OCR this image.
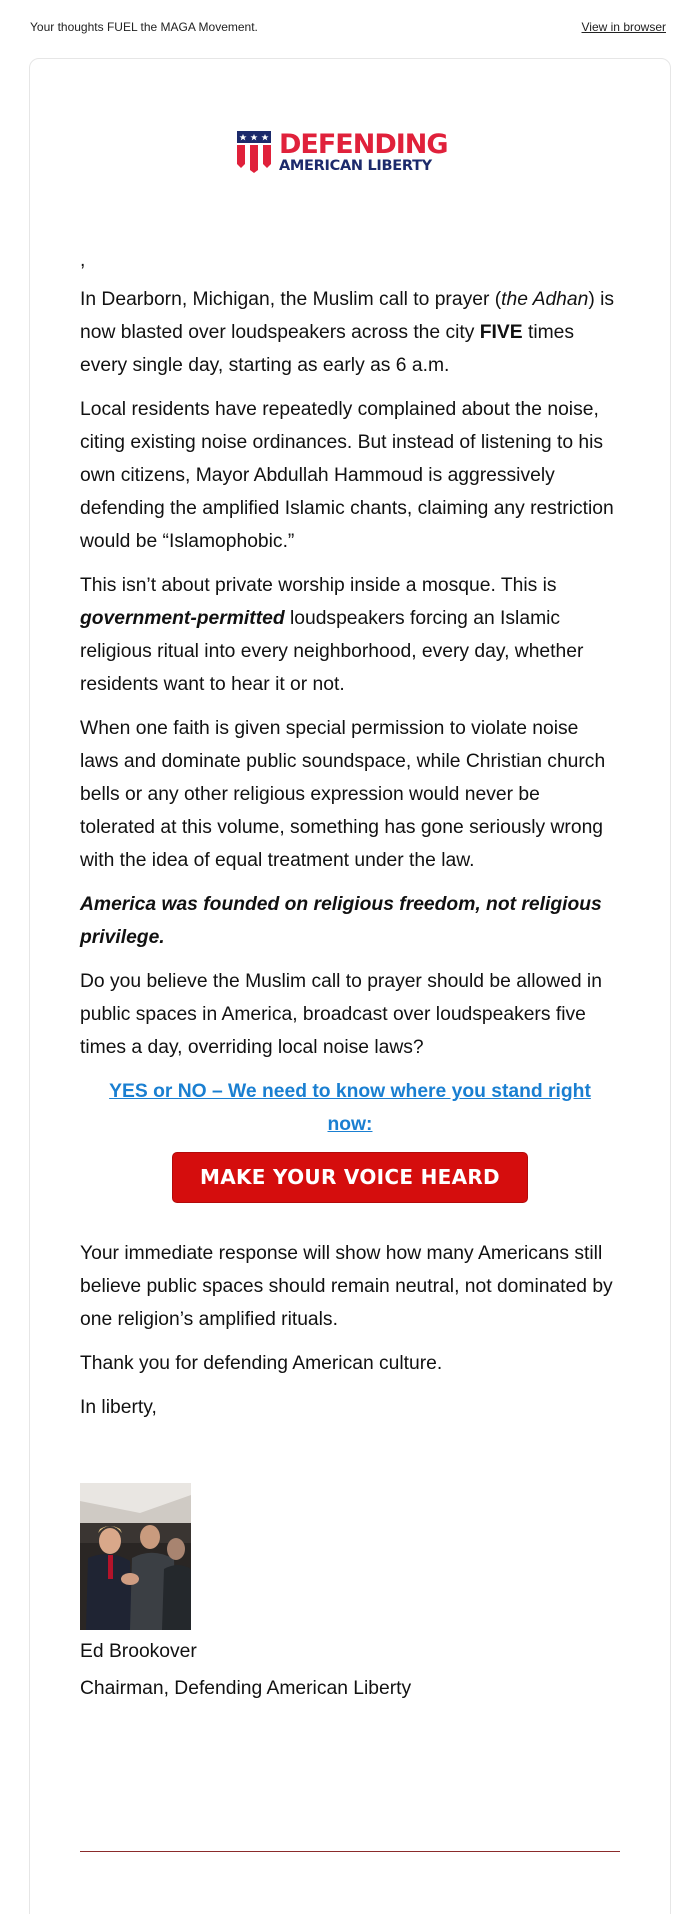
Your thoughts FUEL the MAGA Movement.	View in browser
DEFENDING
AMERICAN LIBERTY

,

In Dearborn, Michigan, the Muslim call to prayer (the Adhan) is now blasted over loudspeakers across the city FIVE times every single day, starting as early as 6 a.m.

Local residents have repeatedly complained about the noise, citing existing noise ordinances. But instead of listening to his own citizens, Mayor Abdullah Hammoud is aggressively defending the amplified Islamic chants, claiming any restriction would be “Islamophobic.”

This isn’t about private worship inside a mosque. This is government-permitted loudspeakers forcing an Islamic religious ritual into every neighborhood, every day, whether residents want to hear it or not.

When one faith is given special permission to violate noise laws and dominate public soundspace, while Christian church bells or any other religious expression would never be tolerated at this volume, something has gone seriously wrong with the idea of equal treatment under the law.

America was founded on religious freedom, not religious privilege.

Do you believe the Muslim call to prayer should be allowed in public spaces in America, broadcast over loudspeakers five times a day, overriding local noise laws?

YES or NO – We need to know where you stand right now:

MAKE YOUR VOICE HEARD

Your immediate response will show how many Americans still believe public spaces should remain neutral, not dominated by one religion’s amplified rituals.

Thank you for defending American culture.

In liberty,

Ed Brookover
Chairman, Defending American Liberty
